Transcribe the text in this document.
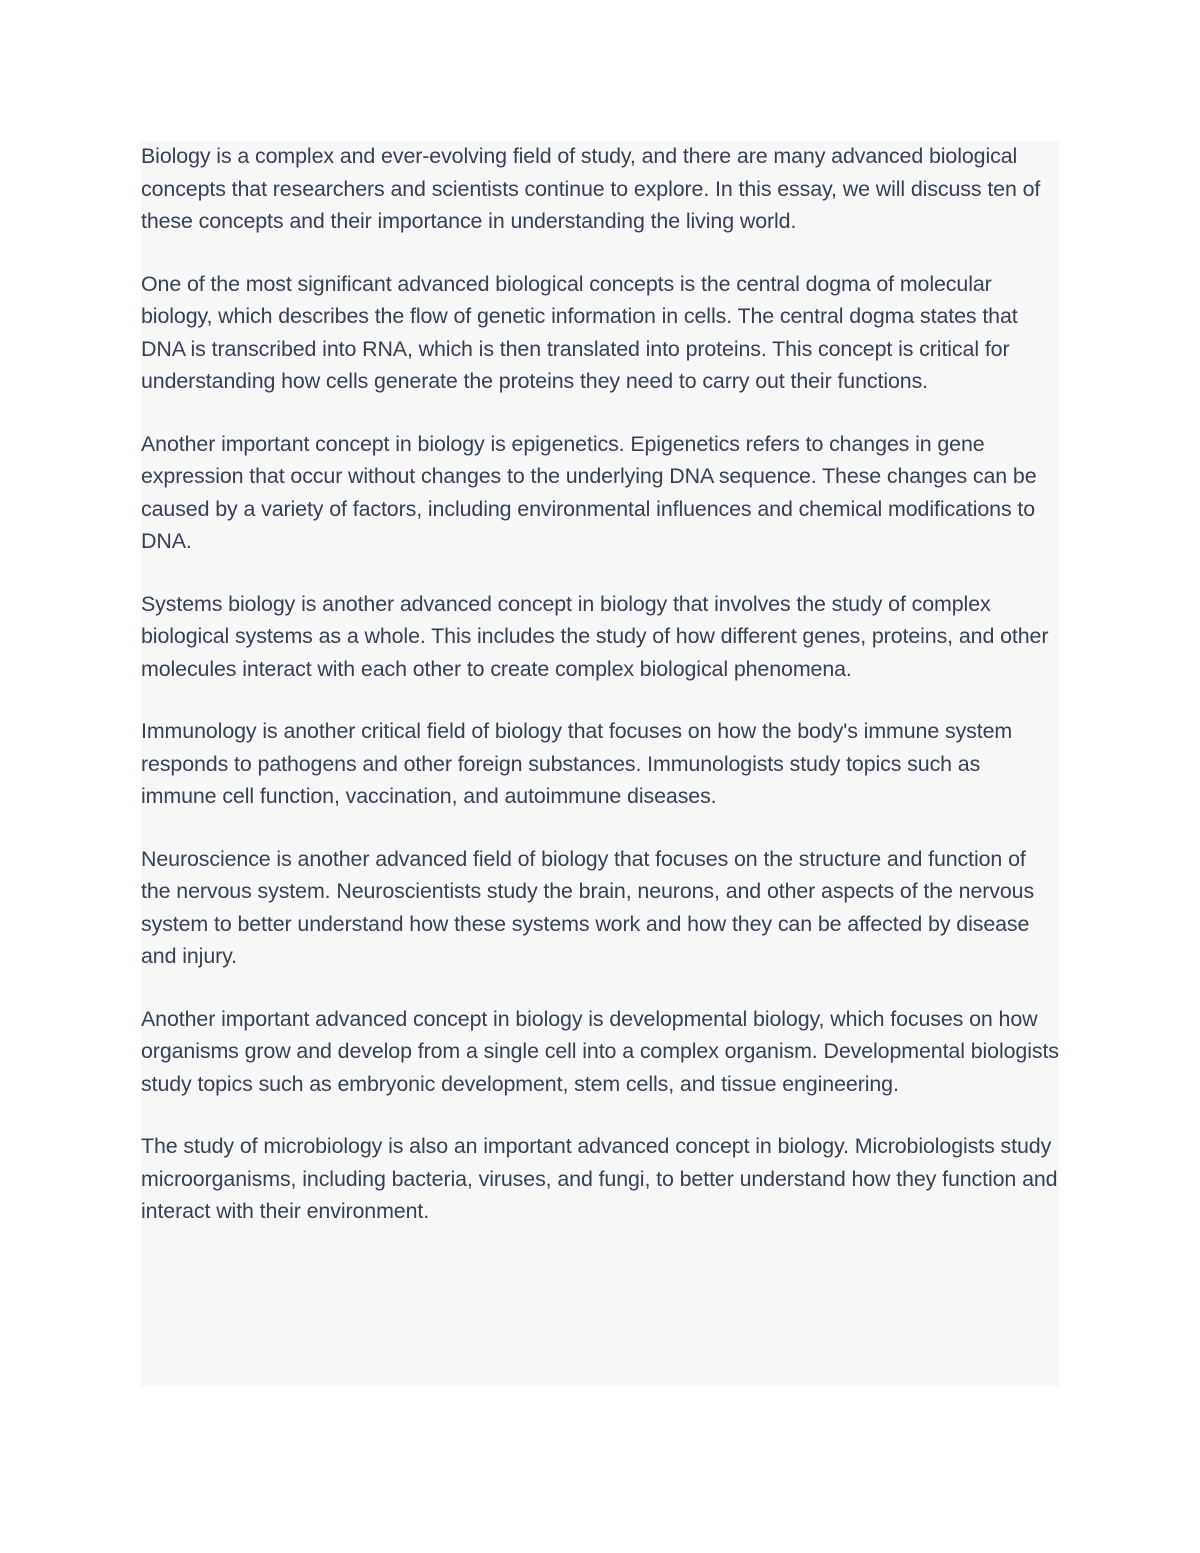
Biology is a complex and ever-evolving field of study, and there are many advanced biological concepts that researchers and scientists continue to explore. In this essay, we will discuss ten of these concepts and their importance in understanding the living world.

One of the most significant advanced biological concepts is the central dogma of molecular biology, which describes the flow of genetic information in cells. The central dogma states that DNA is transcribed into RNA, which is then translated into proteins. This concept is critical for understanding how cells generate the proteins they need to carry out their functions.

Another important concept in biology is epigenetics. Epigenetics refers to changes in gene expression that occur without changes to the underlying DNA sequence. These changes can be caused by a variety of factors, including environmental influences and chemical modifications to DNA.

Systems biology is another advanced concept in biology that involves the study of complex biological systems as a whole. This includes the study of how different genes, proteins, and other molecules interact with each other to create complex biological phenomena.

Immunology is another critical field of biology that focuses on how the body's immune system responds to pathogens and other foreign substances. Immunologists study topics such as immune cell function, vaccination, and autoimmune diseases.

Neuroscience is another advanced field of biology that focuses on the structure and function of the nervous system. Neuroscientists study the brain, neurons, and other aspects of the nervous system to better understand how these systems work and how they can be affected by disease and injury.

Another important advanced concept in biology is developmental biology, which focuses on how organisms grow and develop from a single cell into a complex organism. Developmental biologists study topics such as embryonic development, stem cells, and tissue engineering.

The study of microbiology is also an important advanced concept in biology. Microbiologists study microorganisms, including bacteria, viruses, and fungi, to better understand how they function and interact with their environment.
